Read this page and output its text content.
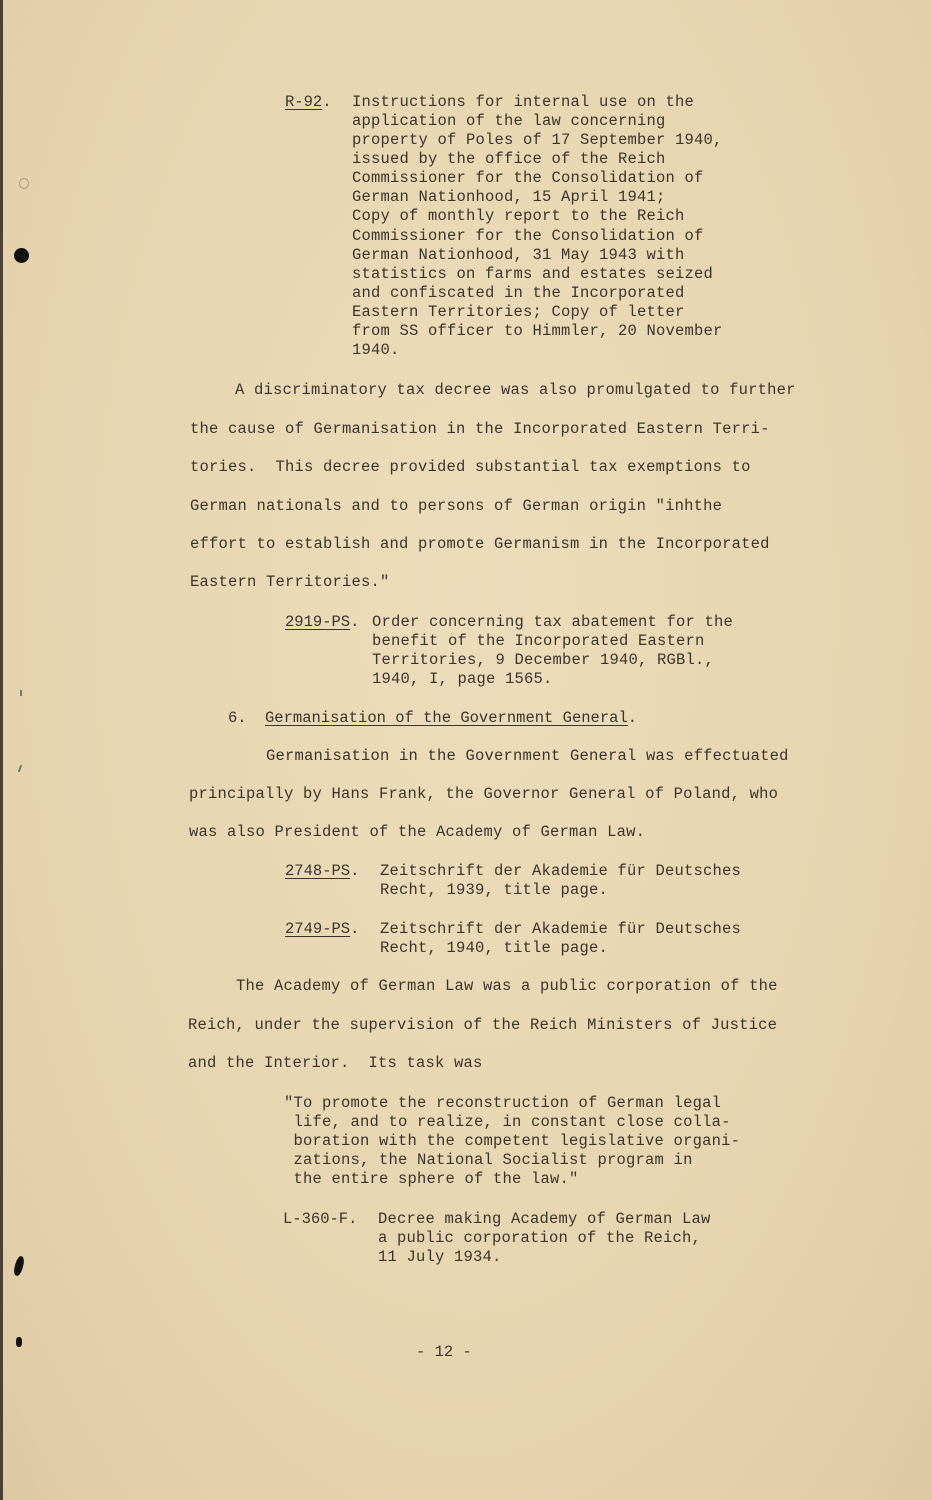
R-92. Instructions for internal use on the
application of the law concerning
property of Poles of 17 September 1940,
issued by the office of the Reich
Commissioner for the Consolidation of
German Nationhood, 15 April 1941;
Copy of monthly report to the Reich
Commissioner for the Consolidation of
German Nationhood, 31 May 1943 with
statistics on farms and estates seized
and confiscated in the Incorporated
Eastern Territories; Copy of letter
from SS officer to Himmler, 20 November
1940.
A discriminatory tax decree was also promulgated to further
the cause of Germanisation in the Incorporated Eastern Terri-
tories.  This decree provided substantial tax exemptions to
German nationals and to persons of German origin "inhthe
effort to establish and promote Germanism in the Incorporated
Eastern Territories."
2919-PS. Order concerning tax abatement for the
benefit of the Incorporated Eastern
Territories, 9 December 1940, RGBl.,
1940, I, page 1565.
6. Germanisation of the Government General.
Germanisation in the Government General was effectuated
principally by Hans Frank, the Governor General of Poland, who
was also President of the Academy of German Law.
2748-PS. Zeitschrift der Akademie für Deutsches
Recht, 1939, title page.
2749-PS. Zeitschrift der Akademie für Deutsches
Recht, 1940, title page.
The Academy of German Law was a public corporation of the
Reich, under the supervision of the Reich Ministers of Justice
and the Interior.  Its task was
"To promote the reconstruction of German legal
life, and to realize, in constant close colla-
boration with the competent legislative organi-
zations, the National Socialist program in
the entire sphere of the law."
L-360-F. Decree making Academy of German Law
a public corporation of the Reich,
11 July 1934.
- 12 -
